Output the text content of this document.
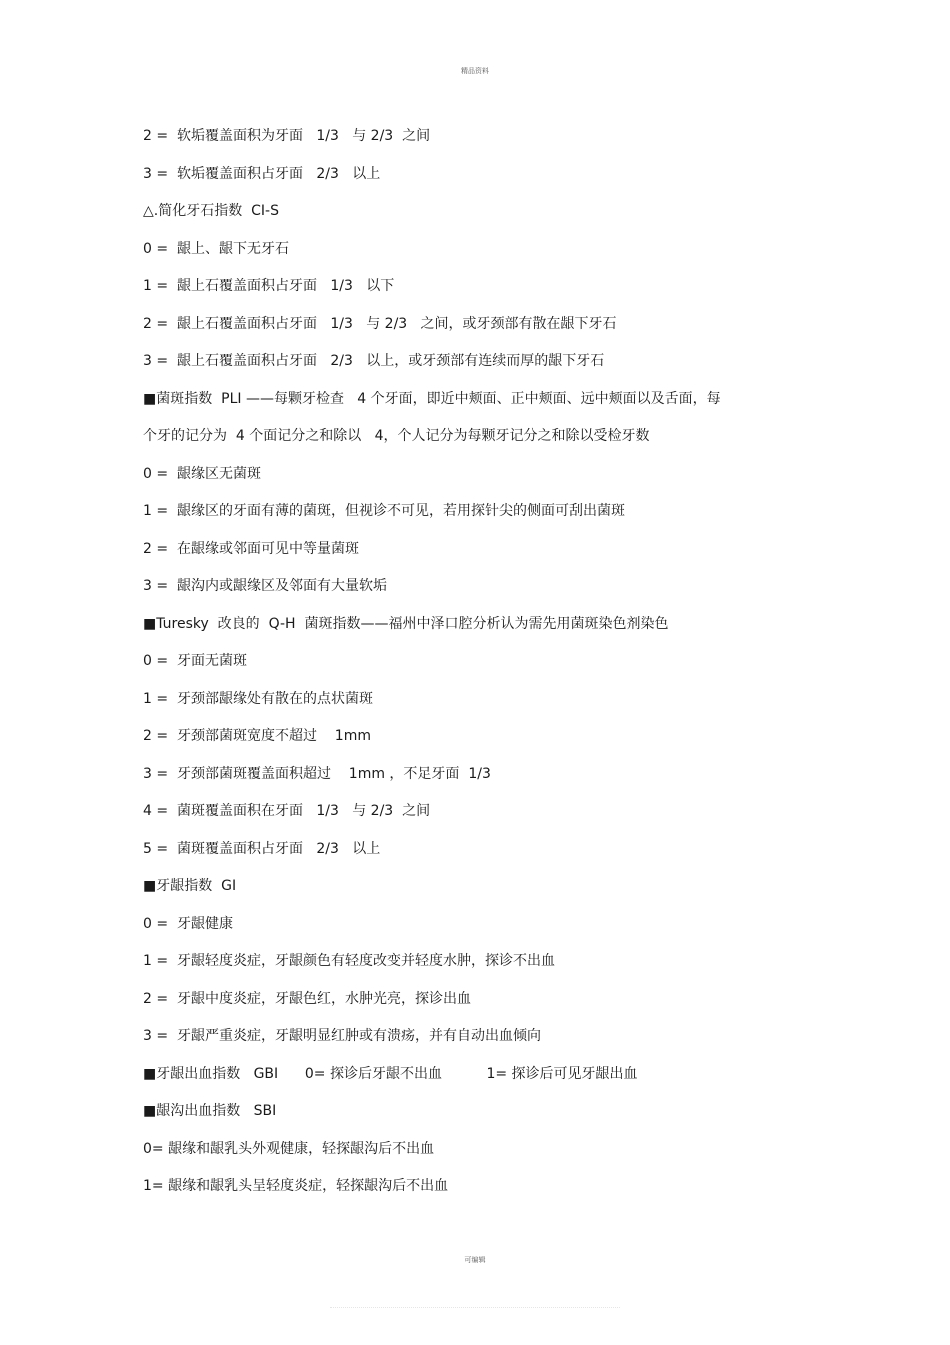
精品资料
2 =  软垢覆盖面积为牙面   1/3   与 2/3  之间
3 =  软垢覆盖面积占牙面   2/3   以上
△.简化牙石指数  CI-S
0 =  龈上、龈下无牙石
1 =  龈上石覆盖面积占牙面   1/3   以下
2 =  龈上石覆盖面积占牙面   1/3   与 2/3   之间，或牙颈部有散在龈下牙石
3 =  龈上石覆盖面积占牙面   2/3   以上，或牙颈部有连续而厚的龈下牙石
■菌斑指数  PLI ——每颗牙检查   4 个牙面，即近中颊面、正中颊面、远中颊面以及舌面，每
个牙的记分为  4 个面记分之和除以   4，个人记分为每颗牙记分之和除以受检牙数
0 =  龈缘区无菌斑
1 =  龈缘区的牙面有薄的菌斑，但视诊不可见，若用探针尖的侧面可刮出菌斑
2 =  在龈缘或邻面可见中等量菌斑
3 =  龈沟内或龈缘区及邻面有大量软垢
■Turesky  改良的  Q-H  菌斑指数——福州中泽口腔分析认为需先用菌斑染色剂染色
0 =  牙面无菌斑
1 =  牙颈部龈缘处有散在的点状菌斑
2 =  牙颈部菌斑宽度不超过    1mm
3 =  牙颈部菌斑覆盖面积超过    1mm ，不足牙面  1/3
4 =  菌斑覆盖面积在牙面   1/3   与 2/3  之间
5 =  菌斑覆盖面积占牙面   2/3   以上
■牙龈指数  GI
0 =  牙龈健康
1 =  牙龈轻度炎症，牙龈颜色有轻度改变并轻度水肿，探诊不出血
2 =  牙龈中度炎症，牙龈色红，水肿光亮，探诊出血
3 =  牙龈严重炎症，牙龈明显红肿或有溃疡，并有自动出血倾向
■牙龈出血指数   GBI      0= 探诊后牙龈不出血          1= 探诊后可见牙龈出血
■龈沟出血指数   SBI
0= 龈缘和龈乳头外观健康，轻探龈沟后不出血
1= 龈缘和龈乳头呈轻度炎症，轻探龈沟后不出血
可编辑
